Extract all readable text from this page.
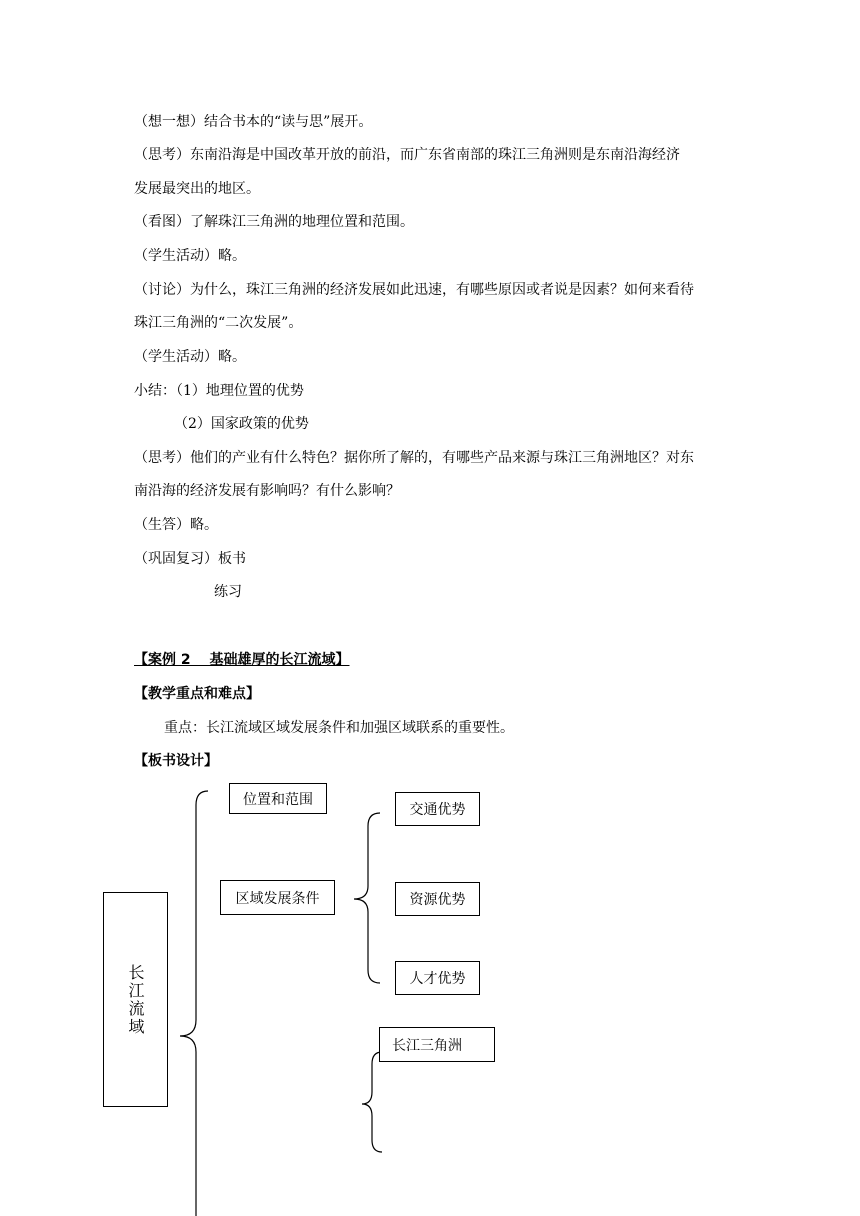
（想一想）结合书本的“读与思”展开。
（思考）东南沿海是中国改革开放的前沿，而广东省南部的珠江三角洲则是东南沿海经济
发展最突出的地区。
（看图）了解珠江三角洲的地理位置和范围。
（学生活动）略。
（讨论）为什么，珠江三角洲的经济发展如此迅速，有哪些原因或者说是因素？如何来看待
珠江三角洲的“二次发展”。
（学生活动）略。
小结：（1）地理位置的优势
（2）国家政策的优势
（思考）他们的产业有什么特色？据你所了解的，有哪些产品来源与珠江三角洲地区？对东
南沿海的经济发展有影响吗？有什么影响？
（生答）略。
（巩固复习）板书
练习
【案例 2　 基础雄厚的长江流域】
【教学重点和难点】
重点：长江流域区域发展条件和加强区域联系的重要性。
【板书设计】
长江流域
位置和范围
区域发展条件
交通优势
资源优势
人才优势
长江三角洲
